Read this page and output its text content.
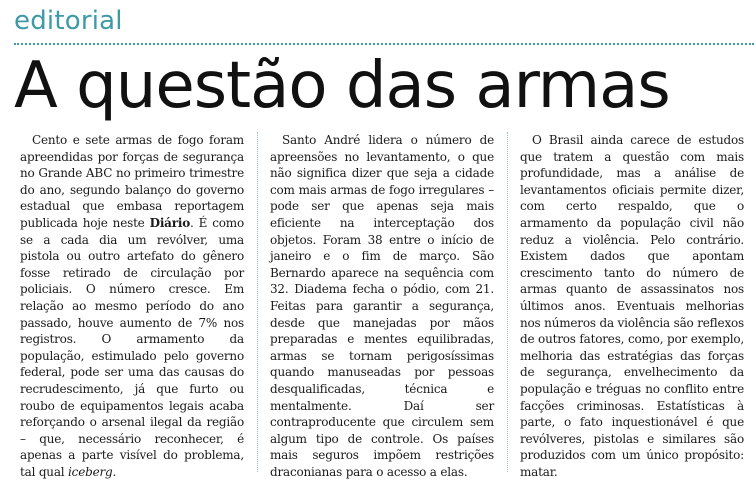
editorial
A questão das armas

Cento e sete armas de fogo foram apreendidas por forças de segurança no Grande ABC no primeiro trimestre do ano, segundo balanço do governo estadual que embasa reportagem publicada hoje neste Diário. É como se a cada dia um revólver, uma pistola ou outro artefato do gênero fosse retirado de circulação por policiais. O número cresce. Em relação ao mesmo período do ano passado, houve aumento de 7% nos registros. O armamento da população, estimulado pelo governo federal, pode ser uma das causas do recrudescimento, já que furto ou roubo de equipamentos legais acaba reforçando o arsenal ilegal da região – que, necessário reconhecer, é apenas a parte visível do problema, tal qual iceberg.

Santo André lidera o número de apreensões no levantamento, o que não significa dizer que seja a cidade com mais armas de fogo irregulares – pode ser que apenas seja mais eficiente na interceptação dos objetos. Foram 38 entre o início de janeiro e o fim de março. São Bernardo aparece na sequência com 32. Diadema fecha o pódio, com 21. Feitas para garantir a segurança, desde que manejadas por mãos preparadas e mentes equilibradas, armas se tornam perigosíssimas quando manuseadas por pessoas desqualificadas, técnica e mentalmente. Daí ser contraproducente que circulem sem algum tipo de controle. Os países mais seguros impõem restrições draconianas para o acesso a elas.

O Brasil ainda carece de estudos que tratem a questão com mais profundidade, mas a análise de levantamentos oficiais permite dizer, com certo respaldo, que o armamento da população civil não reduz a violência. Pelo contrário. Existem dados que apontam crescimento tanto do número de armas quanto de assassinatos nos últimos anos. Eventuais melhorias nos números da violência são reflexos de outros fatores, como, por exemplo, melhoria das estratégias das forças de segurança, envelhecimento da população e tréguas no conflito entre facções criminosas. Estatísticas à parte, o fato inquestionável é que revólveres, pistolas e similares são produzidos com um único propósito: matar.
